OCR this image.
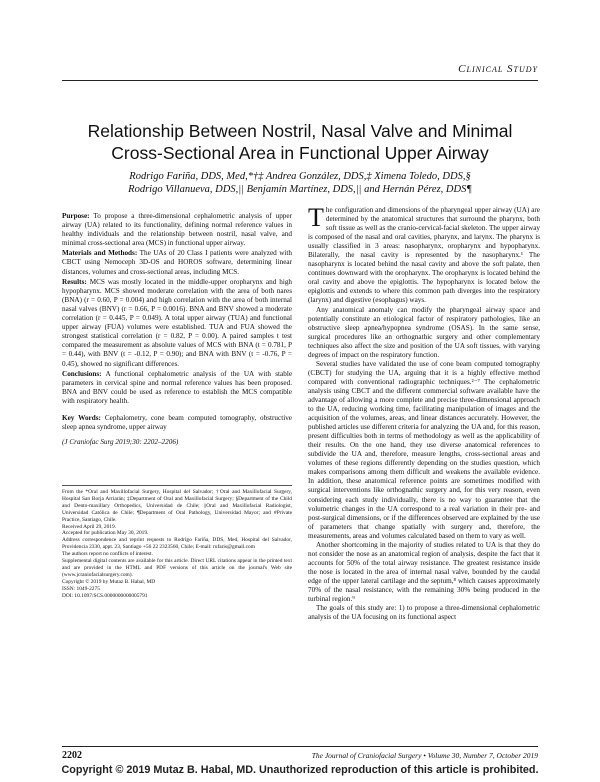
Clinical Study
Relationship Between Nostril, Nasal Valve and Minimal Cross-Sectional Area in Functional Upper Airway
Rodrigo Fariña, DDS, Med,*†‡ Andrea González, DDS,‡ Ximena Toledo, DDS,§
Rodrigo Villanueva, DDS,|| Benjamín Martínez, DDS,|| and Hernán Pérez, DDS¶

Purpose: To propose a three-dimensional cephalometric analysis of upper airway (UA) related to its functionality, defining normal reference values in healthy individuals and the relationship between nostril, nasal valve, and minimal cross-sectional area (MCS) in functional upper airway.

Materials and Methods: The UAs of 20 Class I patients were analyzed with CBCT using Nemoceph 3D-OS and HOROS software, determining linear distances, volumes and cross-sectional areas, including MCS.

Results: MCS was mostly located in the middle-upper oropharynx and high hypopharynx. MCS showed moderate correlation with the area of both nares (BNA) (r = 0.60, P = 0.004) and high correlation with the area of both internal nasal valves (BNV) (r = 0.66, P = 0.0016). BNA and BNV showed a moderate correlation (r = 0.445, P = 0.049). A total upper airway (TUA) and functional upper airway (FUA) volumes were established. TUA and FUA showed the strongest statistical correlation (r = 0.82, P = 0.00). A paired samples t test compared the measurement as absolute values of MCS with BNA (t = 0.781, P = 0.44), with BNV (t = -0.12, P = 0.90); and BNA with BNV (t = -0.76, P = 0.45), showed no significant differences.

Conclusions: A functional cephalometric analysis of the UA with stable parameters in cervical spine and normal reference values has been proposed. BNA and BNV could be used as reference to establish the MCS compatible with respiratory health.

Key Words: Cephalometry, cone beam computed tomography, obstructive sleep apnea syndrome, upper airway

(J Craniofac Surg 2019;30: 2202–2206)

From the *Oral and Maxillofacial Surgery, Hospital del Salvador; †Oral and Maxillofacial Surgery, Hospital San Borja Arriarán; ‡Department of Oral and Maxillofacial Surgery; §Department of the Child and Dento-maxillary Orthopedics, Universidad de Chile; ||Oral and Maxillofacial Radiologist, Universidad Católica de Chile; ¶Department of Oral Pathology, Universidad Mayor; and #Private Practice, Santiago, Chile.

Received April 29, 2019.

Accepted for publication May 30, 2019.

Address correspondence and reprint requests to Rodrigo Fariña, DDS, Med, Hospital del Salvador, Providencia 2330, appt. 23, Santiago +56 22 2323560, Chile; E-mail: rofaris@gmail.com

The authors report no conflicts of interest.

Supplemental digital contents are available for this article. Direct URL citations appear in the printed text and are provided in the HTML and PDF versions of this article on the journal's Web site (www.jcraniofacialsurgery.com).

Copyright © 2019 by Mutaz B. Habal, MD

ISSN: 1049-2275

DOI: 10.1097/SCS.0000000000005791

The configuration and dimensions of the pharyngeal upper airway (UA) are determined by the anatomical structures that surround the pharynx, both soft tissue as well as the cranio-cervical-facial skeleton. The upper airway is composed of the nasal and oral cavities, pharynx, and larynx. The pharynx is usually classified in 3 areas: nasopharynx, oropharynx and hypopharynx. Bilaterally, the nasal cavity is represented by the nasopharynx.¹ The nasopharynx is located behind the nasal cavity and above the soft palate, then continues downward with the oropharynx. The oropharynx is located behind the oral cavity and above the epiglottis. The hypopharynx is located below the epiglottis and extends to where this common path diverges into the respiratory (larynx) and digestive (esophagus) ways.

Any anatomical anomaly can modify the pharyngeal airway space and potentially constitute an etiological factor of respiratory pathologies, like an obstructive sleep apnea/hypopnea syndrome (OSAS). In the same sense, surgical procedures like an orthognathic surgery and other complementary techniques also affect the size and position of the UA soft tissues, with varying degrees of impact on the respiratory function.

Several studies have validated the use of cone beam computed tomography (CBCT) for studying the UA, arguing that it is a highly effective method compared with conventional radiographic techniques.²⁻⁷ The cephalometric analysis using CBCT and the different commercial software available have the advantage of allowing a more complete and precise three-dimensional approach to the UA, reducing working time, facilitating manipulation of images and the acquisition of the volumes, areas, and linear distances accurately. However, the published articles use different criteria for analyzing the UA and, for this reason, present difficulties both in terms of methodology as well as the applicability of their results. On the one hand, they use diverse anatomical references to subdivide the UA and, therefore, measure lengths, cross-sectional areas and volumes of these regions differently depending on the studies question, which makes comparisons among them difficult and weakens the available evidence. In addition, these anatomical reference points are sometimes modified with surgical interventions like orthognathic surgery and, for this very reason, even considering each study individually, there is no way to guarantee that the volumetric changes in the UA correspond to a real variation in their pre- and post-surgical dimensions, or if the differences observed are explained by the use of parameters that change spatially with surgery and, therefore, the measurements, areas and volumes calculated based on them to vary as well.

Another shortcoming in the majority of studies related to UA is that they do not consider the nose as an anatomical region of analysis, despite the fact that it accounts for 50% of the total airway resistance. The greatest resistance inside the nose is located in the area of internal nasal valve, bounded by the caudal edge of the upper lateral cartilage and the septum,⁸ which causes approximately 70% of the nasal resistance, with the remaining 30% being produced in the turbinal region.⁹

The goals of this study are: 1) to propose a three-dimensional cephalometric analysis of the UA focusing on its functional aspect

2202	The Journal of Craniofacial Surgery • Volume 30, Number 7, October 2019
Copyright © 2019 Mutaz B. Habal, MD. Unauthorized reproduction of this article is prohibited.
